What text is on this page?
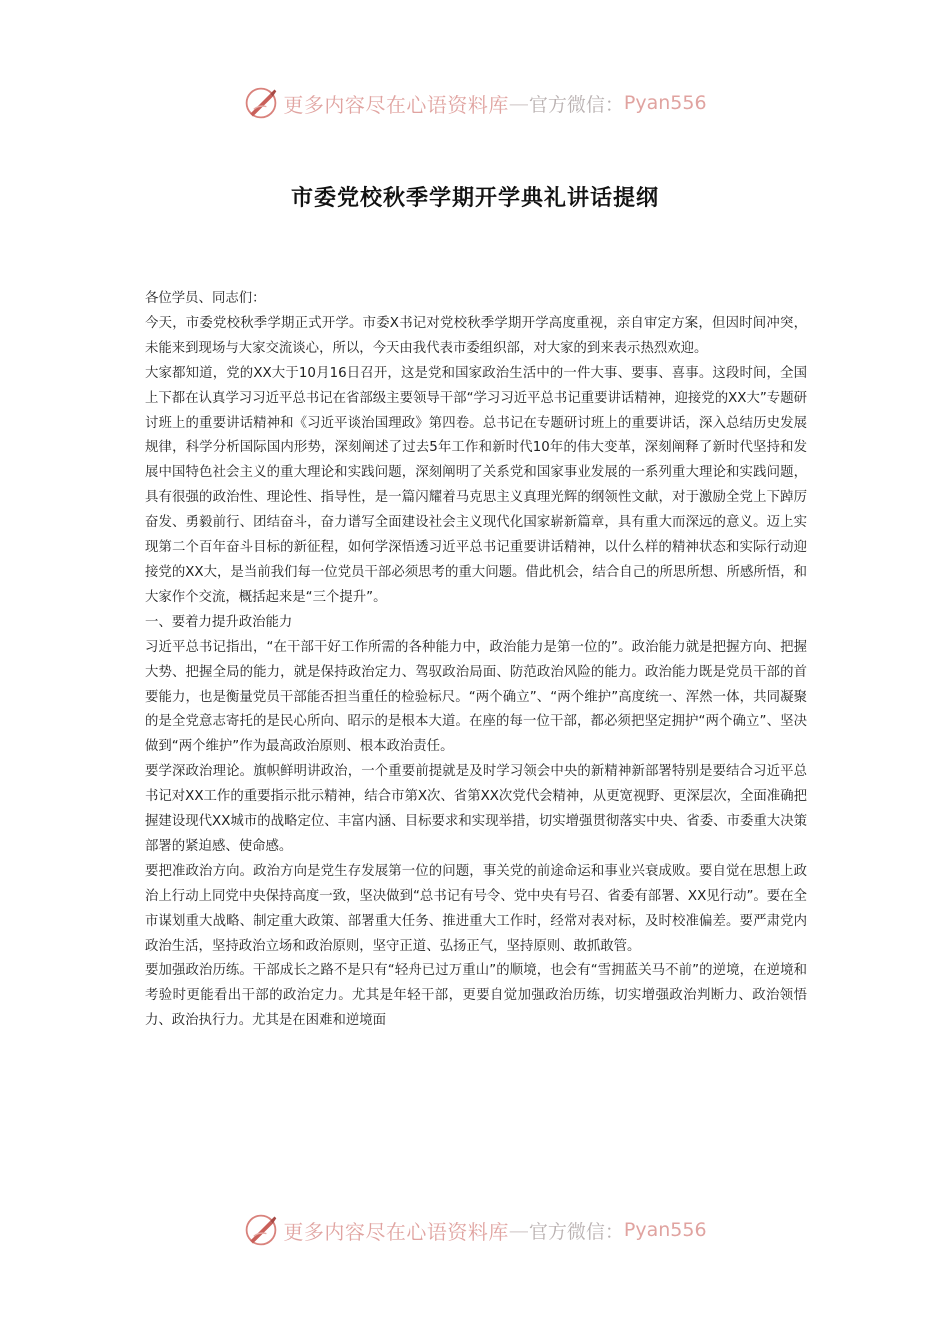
更多内容尽在心语资料库 — 官方微信： Pyan556
市委党校秋季学期开学典礼讲话提纲

各位学员、同志们：

今天，市委党校秋季学期正式开学。市委X书记对党校秋季学期开学高度重视，亲自审定方案，但因时间冲突，未能来到现场与大家交流谈心，所以，今天由我代表市委组织部，对大家的到来表示热烈欢迎。

大家都知道，党的XX大于10月16日召开，这是党和国家政治生活中的一件大事、要事、喜事。这段时间，全国上下都在认真学习习近平总书记在省部级主要领导干部“学习习近平总书记重要讲话精神，迎接党的XX大”专题研讨班上的重要讲话精神和《习近平谈治国理政》第四卷。总书记在专题研讨班上的重要讲话，深入总结历史发展规律，科学分析国际国内形势，深刻阐述了过去5年工作和新时代10年的伟大变革，深刻阐释了新时代坚持和发展中国特色社会主义的重大理论和实践问题，深刻阐明了关系党和国家事业发展的一系列重大理论和实践问题，具有很强的政治性、理论性、指导性，是一篇闪耀着马克思主义真理光辉的纲领性文献，对于激励全党上下踔厉奋发、勇毅前行、团结奋斗，奋力谱写全面建设社会主义现代化国家崭新篇章，具有重大而深远的意义。迈上实现第二个百年奋斗目标的新征程，如何学深悟透习近平总书记重要讲话精神，以什么样的精神状态和实际行动迎接党的XX大，是当前我们每一位党员干部必须思考的重大问题。借此机会，结合自己的所思所想、所感所悟，和大家作个交流，概括起来是“三个提升”。

一、要着力提升政治能力

习近平总书记指出，“在干部干好工作所需的各种能力中，政治能力是第一位的”。政治能力就是把握方向、把握大势、把握全局的能力，就是保持政治定力、驾驭政治局面、防范政治风险的能力。政治能力既是党员干部的首要能力，也是衡量党员干部能否担当重任的检验标尺。“两个确立”、“两个维护”高度统一、浑然一体，共同凝聚的是全党意志寄托的是民心所向、昭示的是根本大道。在座的每一位干部，都必须把坚定拥护“两个确立”、坚决做到“两个维护”作为最高政治原则、根本政治责任。

要学深政治理论。旗帜鲜明讲政治，一个重要前提就是及时学习领会中央的新精神新部署特别是要结合习近平总书记对XX工作的重要指示批示精神，结合市第X次、省第XX次党代会精神，从更宽视野、更深层次，全面准确把握建设现代XX城市的战略定位、丰富内涵、目标要求和实现举措，切实增强贯彻落实中央、省委、市委重大决策部署的紧迫感、使命感。

要把准政治方向。政治方向是党生存发展第一位的问题，事关党的前途命运和事业兴衰成败。要自觉在思想上政治上行动上同党中央保持高度一致，坚决做到“总书记有号令、党中央有号召、省委有部署、XX见行动”。要在全市谋划重大战略、制定重大政策、部署重大任务、推进重大工作时，经常对表对标，及时校准偏差。要严肃党内政治生活，坚持政治立场和政治原则，坚守正道、弘扬正气，坚持原则、敢抓敢管。

要加强政治历练。干部成长之路不是只有“轻舟已过万重山”的顺境，也会有“雪拥蓝关马不前”的逆境，在逆境和考验时更能看出干部的政治定力。尤其是年轻干部，更要自觉加强政治历练，切实增强政治判断力、政治领悟力、政治执行力。尤其是在困难和逆境面

更多内容尽在心语资料库 — 官方微信： Pyan556
